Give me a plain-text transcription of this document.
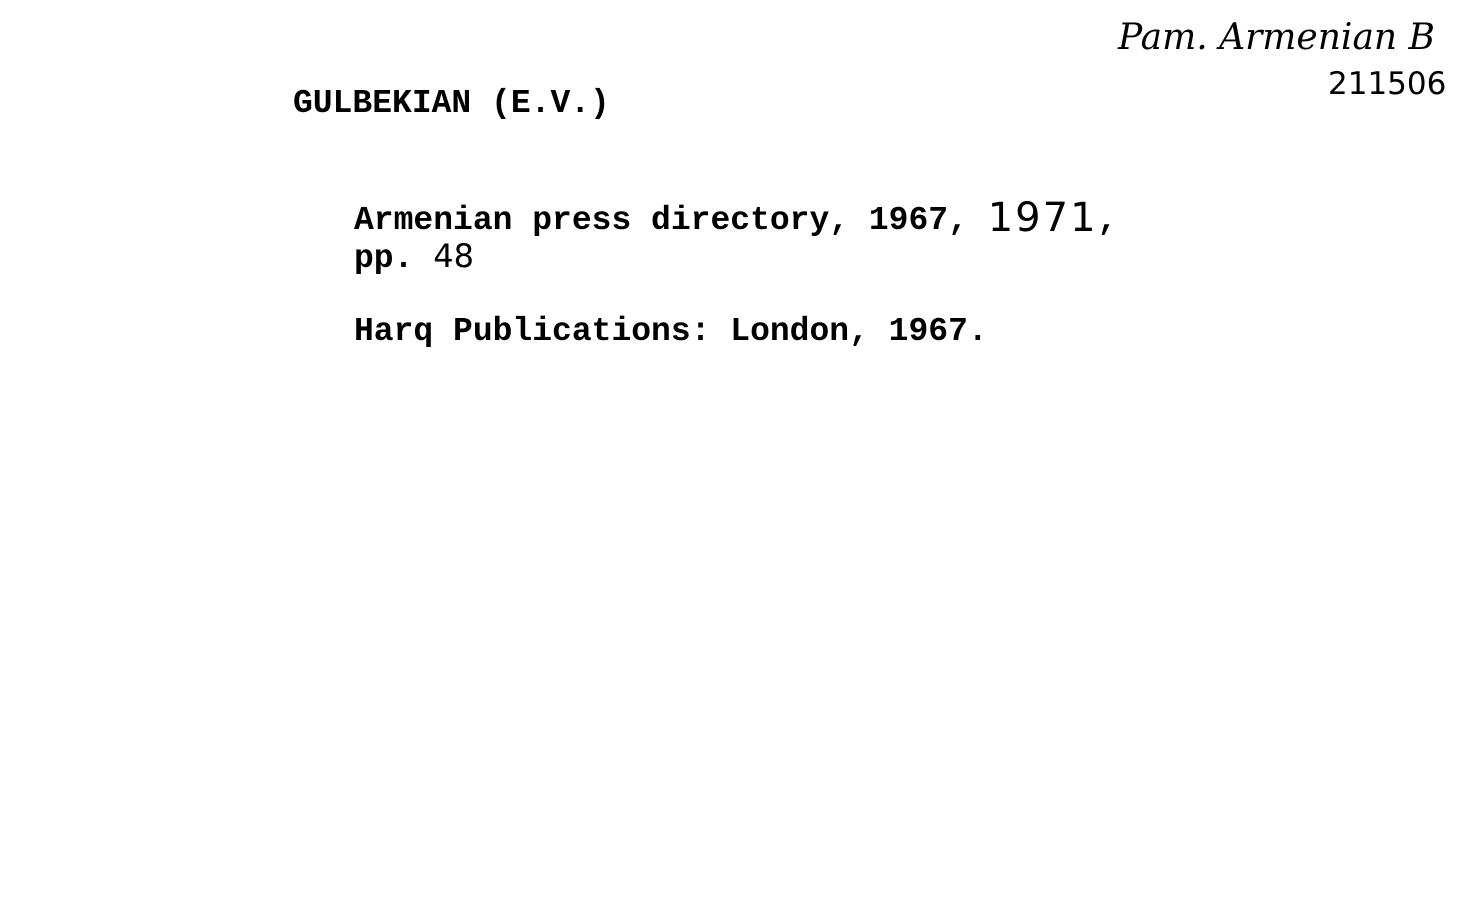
Pam. Armenian B
211506
GULBEKIAN (E.V.)
Armenian press directory, 1967, 1971,
pp. 48
Harq Publications: London, 1967.
